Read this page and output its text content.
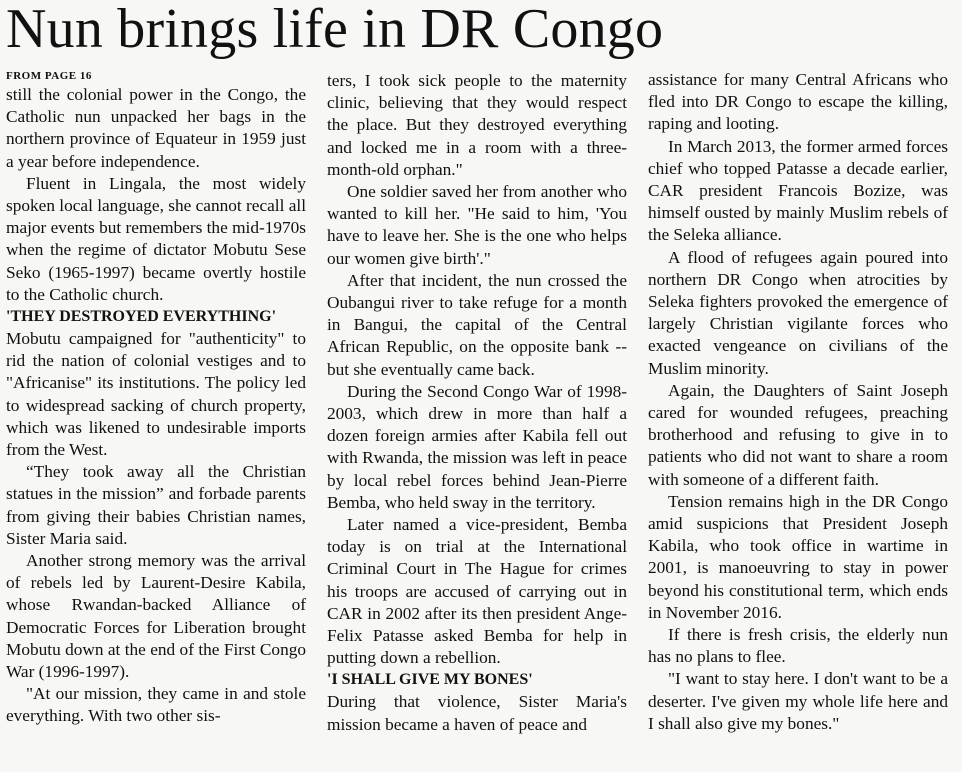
Nun brings life in DR Congo
FROM PAGE 16

still the colonial power in the Congo, the Catholic nun unpacked her bags in the northern province of Equateur in 1959 just a year before independence.

Fluent in Lingala, the most widely spoken local language, she cannot recall all major events but remembers the mid-1970s when the regime of dictator Mobutu Sese Seko (1965-1997) became overtly hostile to the Catholic church.

'THEY DESTROYED EVERYTHING'

Mobutu campaigned for "authenticity" to rid the nation of colonial vestiges and to "Africanise" its institutions. The policy led to widespread sacking of church property, which was likened to undesirable imports from the West.

“They took away all the Christian statues in the mission” and forbade parents from giving their babies Christian names, Sister Maria said.

Another strong memory was the arrival of rebels led by Laurent-Desire Kabila, whose Rwandan-backed Alliance of Democratic Forces for Liberation brought Mobutu down at the end of the First Congo War (1996-1997).

"At our mission, they came in and stole everything. With two other sis-

ters, I took sick people to the maternity clinic, believing that they would respect the place. But they destroyed everything and locked me in a room with a three-month-old orphan."

One soldier saved her from another who wanted to kill her. "He said to him, 'You have to leave her. She is the one who helps our women give birth'."

After that incident, the nun crossed the Oubangui river to take refuge for a month in Bangui, the capital of the Central African Republic, on the opposite bank -- but she eventually came back.

During the Second Congo War of 1998-2003, which drew in more than half a dozen foreign armies after Kabila fell out with Rwanda, the mission was left in peace by local rebel forces behind Jean-Pierre Bemba, who held sway in the territory.

Later named a vice-president, Bemba today is on trial at the International Criminal Court in The Hague for crimes his troops are accused of carrying out in CAR in 2002 after its then president Ange-Felix Patasse asked Bemba for help in putting down a rebellion.

'I SHALL GIVE MY BONES'

During that violence, Sister Maria's mission became a haven of peace and

assistance for many Central Africans who fled into DR Congo to escape the killing, raping and looting.

In March 2013, the former armed forces chief who topped Patasse a decade earlier, CAR president Francois Bozize, was himself ousted by mainly Muslim rebels of the Seleka alliance.

A flood of refugees again poured into northern DR Congo when atrocities by Seleka fighters provoked the emergence of largely Christian vigilante forces who exacted vengeance on civilians of the Muslim minority.

Again, the Daughters of Saint Joseph cared for wounded refugees, preaching brotherhood and refusing to give in to patients who did not want to share a room with someone of a different faith.

Tension remains high in the DR Congo amid suspicions that President Joseph Kabila, who took office in wartime in 2001, is manoeuvring to stay in power beyond his constitutional term, which ends in November 2016.

If there is fresh crisis, the elderly nun has no plans to flee.

"I want to stay here. I don't want to be a deserter. I've given my whole life here and I shall also give my bones."
